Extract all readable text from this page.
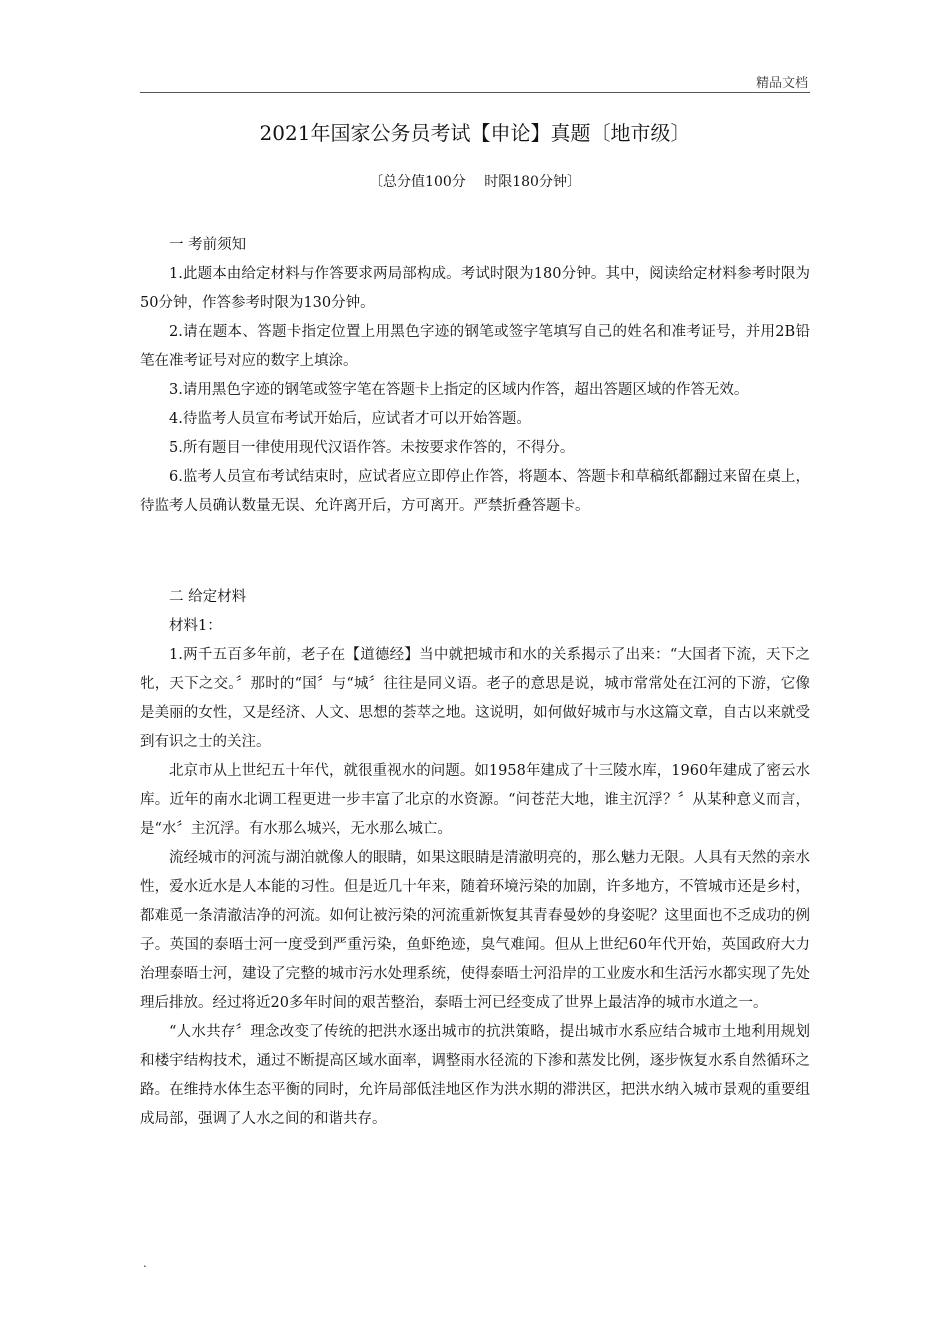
精品文档
2021年国家公务员考试【申论】真题〔地市级〕
〔总分值100分　 时限180分钟〕

一 考前须知

1.此题本由给定材料与作答要求两局部构成。考试时限为180分钟。其中，阅读给定材料参考时限为50分钟，作答参考时限为130分钟。

2.请在题本、答题卡指定位置上用黑色字迹的钢笔或签字笔填写自己的姓名和准考证号，并用2B铅笔在准考证号对应的数字上填涂。

3.请用黑色字迹的钢笔或签字笔在答题卡上指定的区域内作答，超出答题区域的作答无效。

4.待监考人员宣布考试开始后，应试者才可以开始答题。

5.所有题目一律使用现代汉语作答。未按要求作答的，不得分。

6.监考人员宣布考试结束时，应试者应立即停止作答，将题本、答题卡和草稿纸都翻过来留在桌上，待监考人员确认数量无误、允许离开后，方可离开。严禁折叠答题卡。

二 给定材料

材料1：

1.两千五百多年前，老子在【道德经】当中就把城市和水的关系揭示了出来：“大国者下流，天下之牝，天下之交。〞那时的“国〞与“城〞往往是同义语。老子的意思是说，城市常常处在江河的下游，它像是美丽的女性，又是经济、人文、思想的荟萃之地。这说明，如何做好城市与水这篇文章，自古以来就受到有识之士的关注。

北京市从上世纪五十年代，就很重视水的问题。如1958年建成了十三陵水库，1960年建成了密云水库。近年的南水北调工程更进一步丰富了北京的水资源。“问苍茫大地，谁主沉浮？〞从某种意义而言，是“水〞主沉浮。有水那么城兴，无水那么城亡。

流经城市的河流与湖泊就像人的眼睛，如果这眼睛是清澈明亮的，那么魅力无限。人具有天然的亲水性，爱水近水是人本能的习性。但是近几十年来，随着环境污染的加剧，许多地方，不管城市还是乡村，都难觅一条清澈洁净的河流。如何让被污染的河流重新恢复其青春曼妙的身姿呢？这里面也不乏成功的例子。英国的泰晤士河一度受到严重污染，鱼虾绝迹，臭气难闻。但从上世纪60年代开始，英国政府大力治理泰晤士河，建设了完整的城市污水处理系统，使得泰晤士河沿岸的工业废水和生活污水都实现了先处理后排放。经过将近20多年时间的艰苦整治，泰晤士河已经变成了世界上最洁净的城市水道之一。

“人水共存〞理念改变了传统的把洪水逐出城市的抗洪策略，提出城市水系应结合城市土地利用规划和楼宇结构技术，通过不断提高区域水面率，调整雨水径流的下渗和蒸发比例，逐步恢复水系自然循环之路。在维持水体生态平衡的同时，允许局部低洼地区作为洪水期的滞洪区，把洪水纳入城市景观的重要组成局部，强调了人水之间的和谐共存。

.
